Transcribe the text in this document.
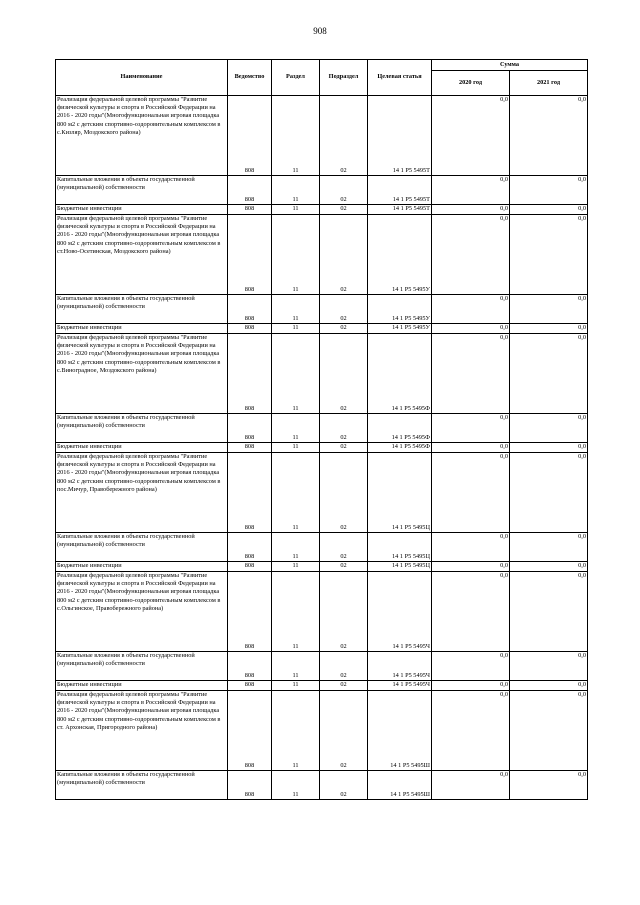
908
Наименование	Ведомство	Раздел	Подраздел	Целевая статья	Сумма	
					2020 год	2021 год
Реализация федеральной целевой программы "Развитие физической культуры и спорта в Российской Федерации на 2016 - 2020 годы"(Многофункциональная игровая площадка 800 м2 с детским спортивно-оздоровительным комплексом в с.Кизляр, Моздокского района)	808	11	02	14 1 P5 5495Т	0,0	0,0
Капитальные вложения в объекты государственной (муниципальной) собственности	808	11	02	14 1 P5 5495Т	0,0	0,0
Бюджетные инвестиции	808	11	02	14 1 P5 5495Т	0,0	0,0
Реализация федеральной целевой программы "Развитие физической культуры и спорта в Российской Федерации на 2016 - 2020 годы"(Многофункциональная игровая площадка 800 м2 с детским спортивно-оздоровительным комплексом в ст.Ново-Осетинская, Моздокского района)	808	11	02	14 1 P5 5495У	0,0	0,0
Капитальные вложения в объекты государственной (муниципальной) собственности	808	11	02	14 1 P5 5495У	0,0	0,0
Бюджетные инвестиции	808	11	02	14 1 P5 5495У	0,0	0,0
Реализация федеральной целевой программы "Развитие физической культуры и спорта в Российской Федерации на 2016 - 2020 годы"(Многофункциональная игровая площадка 800 м2 с детским спортивно-оздоровительным комплексом в с.Виноградное, Моздокского района)	808	11	02	14 1 P5 5495Ф	0,0	0,0
Капитальные вложения в объекты государственной (муниципальной) собственности	808	11	02	14 1 P5 5495Ф	0,0	0,0
Бюджетные инвестиции	808	11	02	14 1 P5 5495Ф	0,0	0,0
Реализация федеральной целевой программы "Развитие физической культуры и спорта в Российской Федерации на 2016 - 2020 годы"(Многофункциональная игровая площадка 800 м2 с детским спортивно-оздоровительным комплексом в пос.Мичур, Правобережного района)	808	11	02	14 1 P5 5495Ц	0,0	0,0
Капитальные вложения в объекты государственной (муниципальной) собственности	808	11	02	14 1 P5 5495Ц	0,0	0,0
Бюджетные инвестиции	808	11	02	14 1 P5 5495Ц	0,0	0,0
Реализация федеральной целевой программы "Развитие физической культуры и спорта в Российской Федерации на 2016 - 2020 годы"(Многофункциональная игровая площадка 800 м2 с детским спортивно-оздоровительным комплексом в с.Ольгинское, Правобережного района)	808	11	02	14 1 P5 5495Ч	0,0	0,0
Капитальные вложения в объекты государственной (муниципальной) собственности	808	11	02	14 1 P5 5495Ч	0,0	0,0
Бюджетные инвестиции	808	11	02	14 1 P5 5495Ч	0,0	0,0
Реализация федеральной целевой программы "Развитие физической культуры и спорта в Российской Федерации на 2016 - 2020 годы"(Многофункциональная игровая площадка 800 м2 с детским спортивно-оздоровительным комплексом в ст. Архонская, Пригородного района)	808	11	02	14 1 P5 5495Ш	0,0	0,0
Капитальные вложения в объекты государственной (муниципальной) собственности	808	11	02	14 1 P5 5495Ш	0,0	0,0
